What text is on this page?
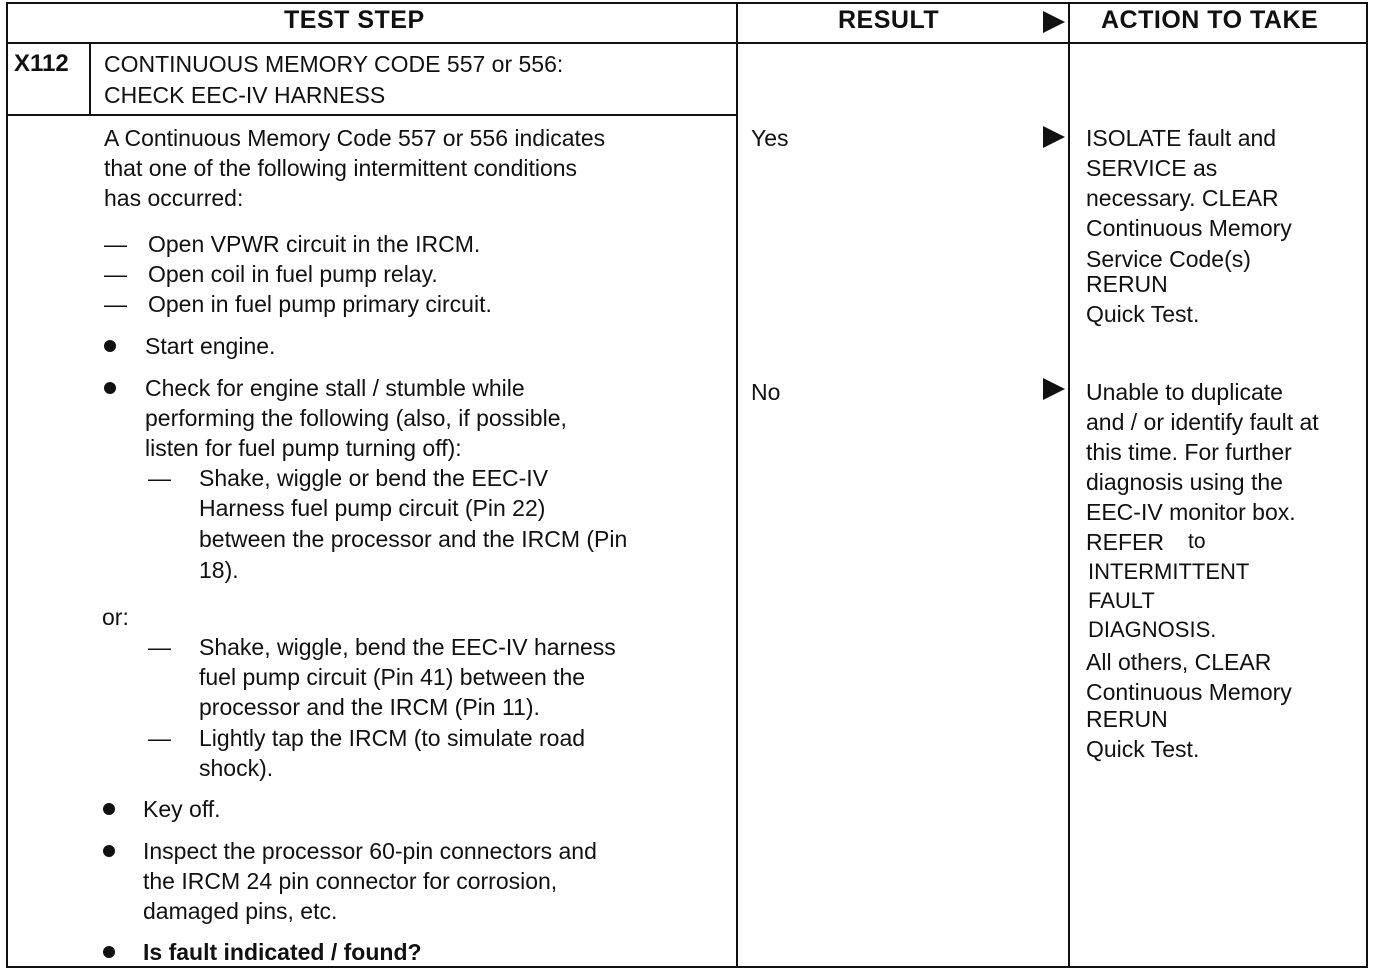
TEST STEP	RESULT	ACTION TO TAKE
X112 CONTINUOUS MEMORY CODE 557 or 556:
CHECK EEC-IV HARNESS
A Continuous Memory Code 557 or 556 indicates
that one of the following intermittent conditions
has occurred:
— Open VPWR circuit in the IRCM.
— Open coil in fuel pump relay.
— Open in fuel pump primary circuit.
Start engine.
Check for engine stall / stumble while
performing the following (also, if possible,
listen for fuel pump turning off):
— Shake, wiggle or bend the EEC-IV
Harness fuel pump circuit (Pin 22)
between the processor and the IRCM (Pin
18).
or:
— Shake, wiggle, bend the EEC-IV harness
fuel pump circuit (Pin 41) between the
processor and the IRCM (Pin 11).
— Lightly tap the IRCM (to simulate road
shock).
Key off.
Inspect the processor 60-pin connectors and
the IRCM 24 pin connector for corrosion,
damaged pins, etc.
Is fault indicated / found?
Yes
No
ISOLATE fault and
SERVICE as
necessary. CLEAR
Continuous Memory
Service Code(s)
RERUN
Quick Test.
Unable to duplicate
and / or identify fault at
this time. For further
diagnosis using the
EEC-IV monitor box.
REFER to
INTERMITTENT
FAULT
DIAGNOSIS.
All others, CLEAR
Continuous Memory
RERUN
Quick Test.
